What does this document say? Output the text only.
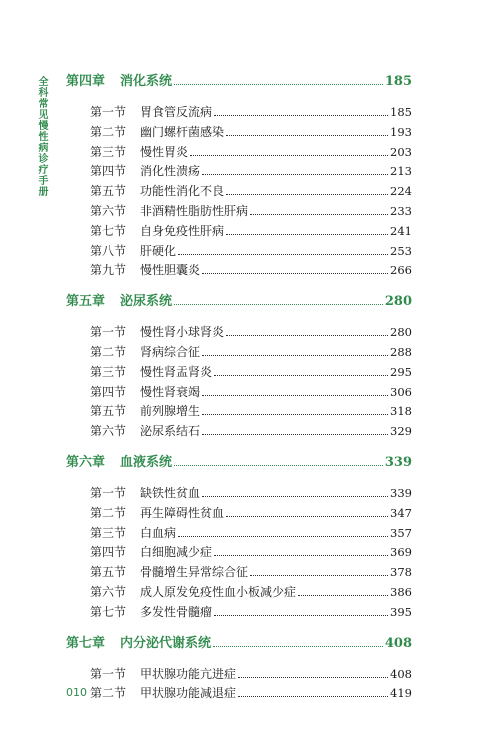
全科常见慢性病诊疗手册 第四章	消化系统	185
第一节	胃食管反流病	185
第二节	幽门螺杆菌感染	193
第三节	慢性胃炎	203
第四节	消化性溃疡	213
第五节	功能性消化不良	224
第六节	非酒精性脂肪性肝病	233
第七节	自身免疫性肝病	241
第八节	肝硬化	253
第九节	慢性胆囊炎	266
第五章	泌尿系统	280
第一节	慢性肾小球肾炎	280
第二节	肾病综合征	288
第三节	慢性肾盂肾炎	295
第四节	慢性肾衰竭	306
第五节	前列腺增生	318
第六节	泌尿系结石	329
第六章	血液系统	339
第一节	缺铁性贫血	339
第二节	再生障碍性贫血	347
第三节	白血病	357
第四节	白细胞减少症	369
第五节	骨髓增生异常综合征	378
第六节	成人原发免疫性血小板减少症	386
第七节	多发性骨髓瘤	395
第七章	内分泌代谢系统	408
第一节	甲状腺功能亢进症	408
第二节	甲状腺功能减退症	419
010
